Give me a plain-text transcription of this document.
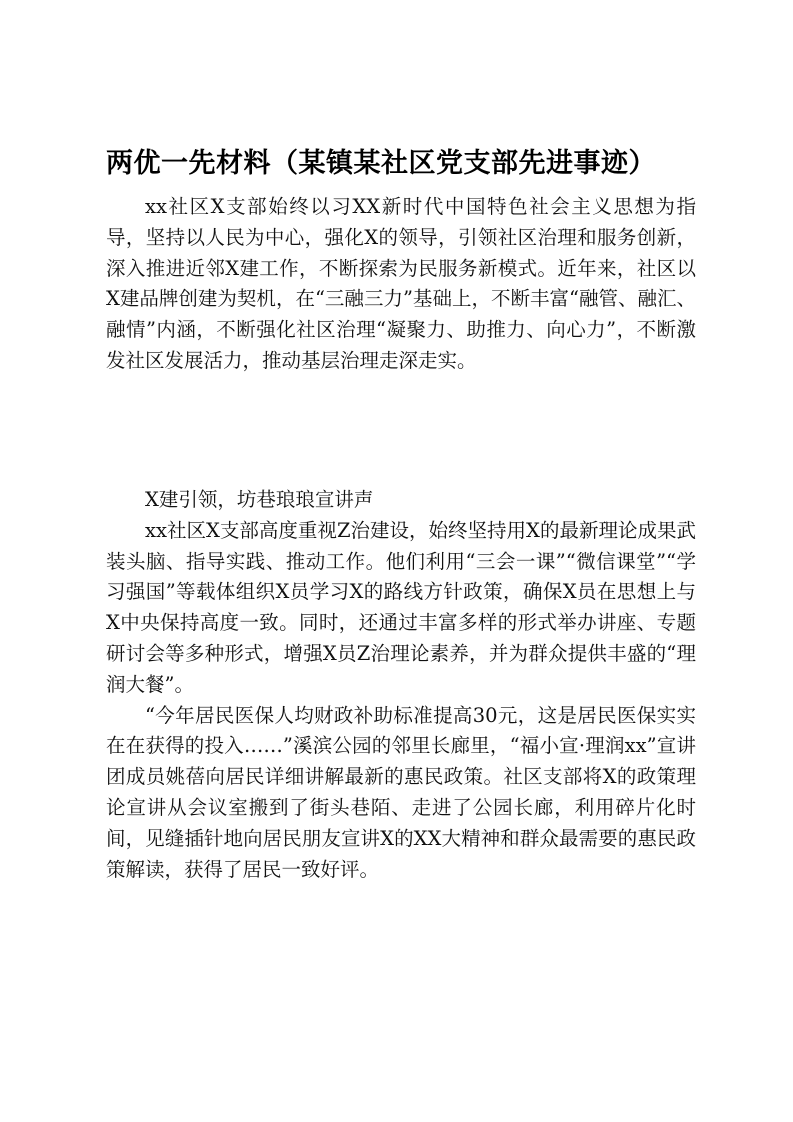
两优一先材料（某镇某社区党支部先进事迹）

xx社区X支部始终以习XX新时代中国特色社会主义思想为指导，坚持以人民为中心，强化X的领导，引领社区治理和服务创新，深入推进近邻X建工作，不断探索为民服务新模式。近年来，社区以X建品牌创建为契机，在“三融三力”基础上，不断丰富“融管、融汇、融情”内涵，不断强化社区治理“凝聚力、助推力、向心力”，不断激发社区发展活力，推动基层治理走深走实。

X建引领，坊巷琅琅宣讲声

xx社区X支部高度重视Z治建设，始终坚持用X的最新理论成果武装头脑、指导实践、推动工作。他们利用“三会一课”“微信课堂”“学习强国”等载体组织X员学习X的路线方针政策，确保X员在思想上与X中央保持高度一致。同时，还通过丰富多样的形式举办讲座、专题研讨会等多种形式，增强X员Z治理论素养，并为群众提供丰盛的“理润大餐”。

“今年居民医保人均财政补助标准提高30元，这是居民医保实实在在获得的投入……”溪滨公园的邻里长廊里，“福小宣·理润xx”宣讲团成员姚蓓向居民详细讲解最新的惠民政策。社区支部将X的政策理论宣讲从会议室搬到了街头巷陌、走进了公园长廊，利用碎片化时间，见缝插针地向居民朋友宣讲X的XX大精神和群众最需要的惠民政策解读，获得了居民一致好评。
